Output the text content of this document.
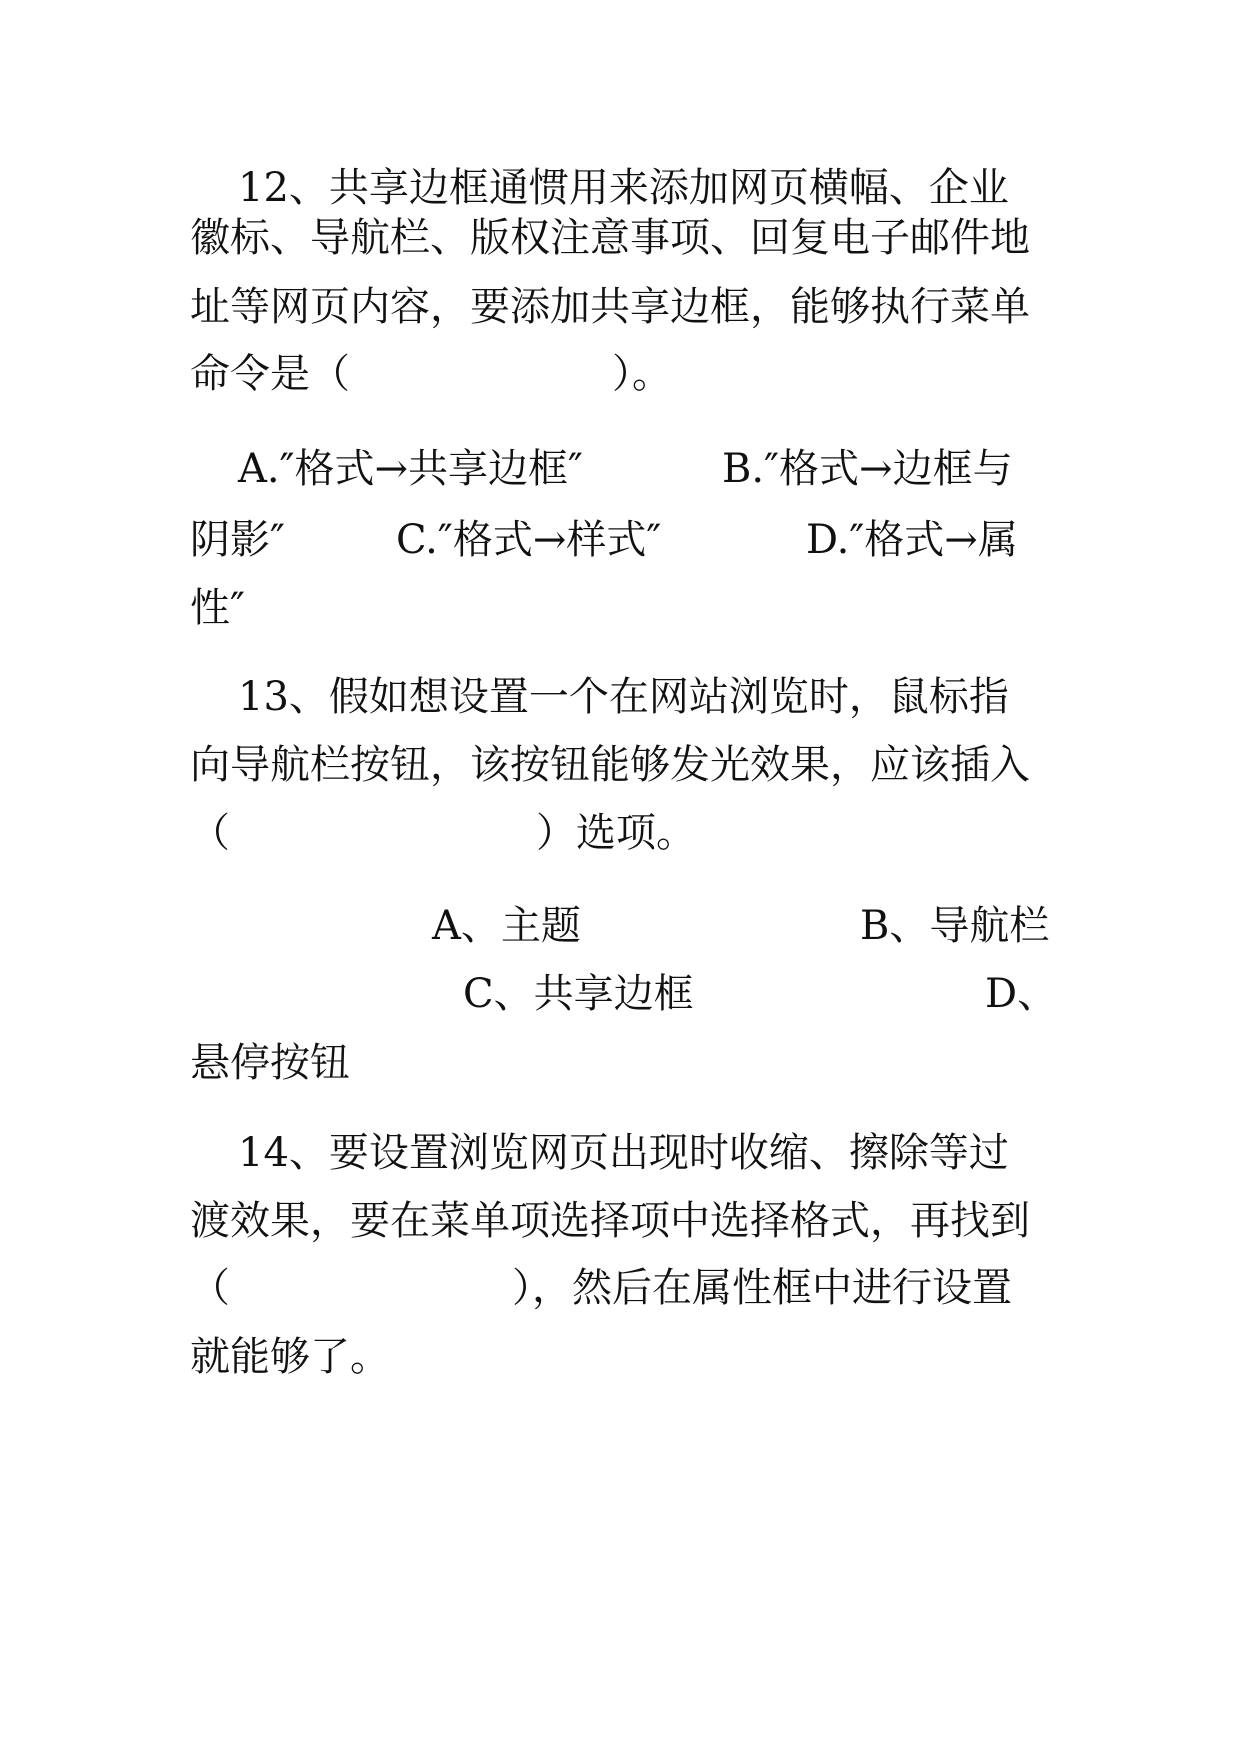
12、共享边框通惯用来添加网页横幅、企业
徽标、导航栏、版权注意事项、回复电子邮件地
址等网页内容，要添加共享边框，能够执行菜单
命令是（	）。
A.″格式→共享边框″	B.″格式→边框与
阴影″	C.″格式→样式″	D.″格式→属
性″
13、假如想设置一个在网站浏览时，鼠标指
向导航栏按钮，该按钮能够发光效果，应该插入
（	）选项。
A、主题	B、导航栏
C、共享边框	D、
悬停按钮
14、要设置浏览网页出现时收缩、擦除等过
渡效果，要在菜单项选择项中选择格式，再找到
（	），然后在属性框中进行设置
就能够了。
